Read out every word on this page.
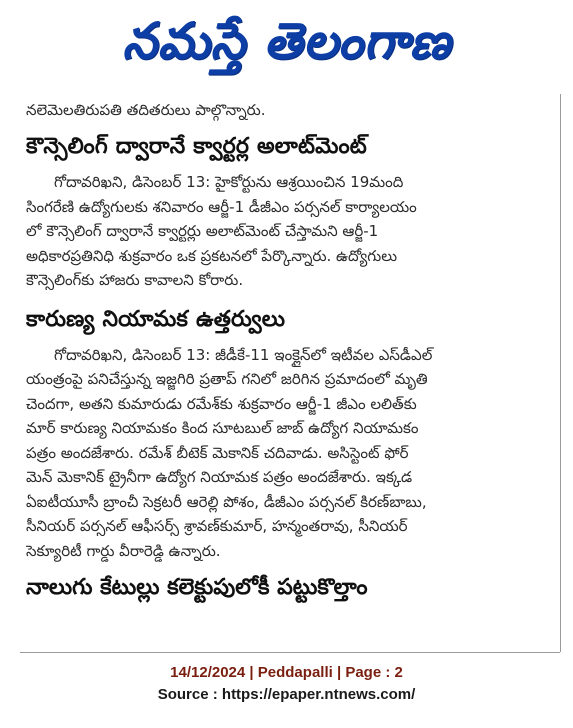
నమస్తే తెలంగాణ
నలెమెలతిరుపతి తదితరులు పాల్గొన్నారు.
కౌన్సెలింగ్‌ ద్వారానే క్వార్టర్ల అలాట్‌మెంట్‌
గోదావరిఖని, డిసెంబర్‌ 13: హైకోర్టును ఆశ్రయించిన 19మంది
సింగరేణి ఉద్యోగులకు శనివారం ఆర్జీ-1 డీజీఎం పర్సనల్‌ కార్యాలయం
లో కౌన్సెలింగ్‌ ద్వారానే క్వార్టర్లు అలాట్‌మెంట్‌ చేస్తామని ఆర్జీ-1
అధికారప్రతినిధి శుక్రవారం ఒక ప్రకటనలో పేర్కొన్నారు. ఉద్యోగులు
కౌన్సెలింగ్‌కు హాజరు కావాలని కోరారు.
కారుణ్య నియామక ఉత్తర్వులు
గోదావరిఖని, డిసెంబర్‌ 13: జీడీకే-11 ఇంక్లైన్‌లో ఇటీవల ఎస్‌డీఎల్‌
యంత్రంపై పనిచేస్తున్న ఇజ్జగిరి ప్రతాప్‌ గనిలో జరిగిన ప్రమాదంలో మృతి
చెందగా, అతని కుమారుడు రమేశ్‌కు శుక్రవారం ఆర్జీ-1 జీఎం లలిత్‌కు
మార్‌ కారుణ్య నియామకం కింద సూటబుల్‌ జాబ్‌ ఉద్యోగ నియామకం
పత్రం అందజేశారు. రమేశ్‌ బీటెక్‌ మెకానిక్‌ చదివాడు. అసిస్టెంట్‌ ఫోర్‌
మెన్‌ మెకానిక్‌ ట్రైనీగా ఉద్యోగ నియామక పత్రం అందజేశారు. ఇక్కడ
ఏఐటీయూసీ బ్రాంచీ సెక్రటరీ ఆరెల్లి పోశం, డీజీఎం పర్సనల్‌ కిరణ్‌బాబు,
సీనియర్‌ పర్సనల్‌ ఆఫీసర్స్‌ శ్రావణ్‌కుమార్‌, హన్మంతరావు, సీనియర్‌
సెక్యూరిటీ గార్డు వీరారెడ్డి ఉన్నారు.
నాలుగు కేటుల్లు కలెక్టుపులోకీ పట్టుకొల్తాం
14/12/2024 | Peddapalli | Page : 2
Source : https://epaper.ntnews.com/
